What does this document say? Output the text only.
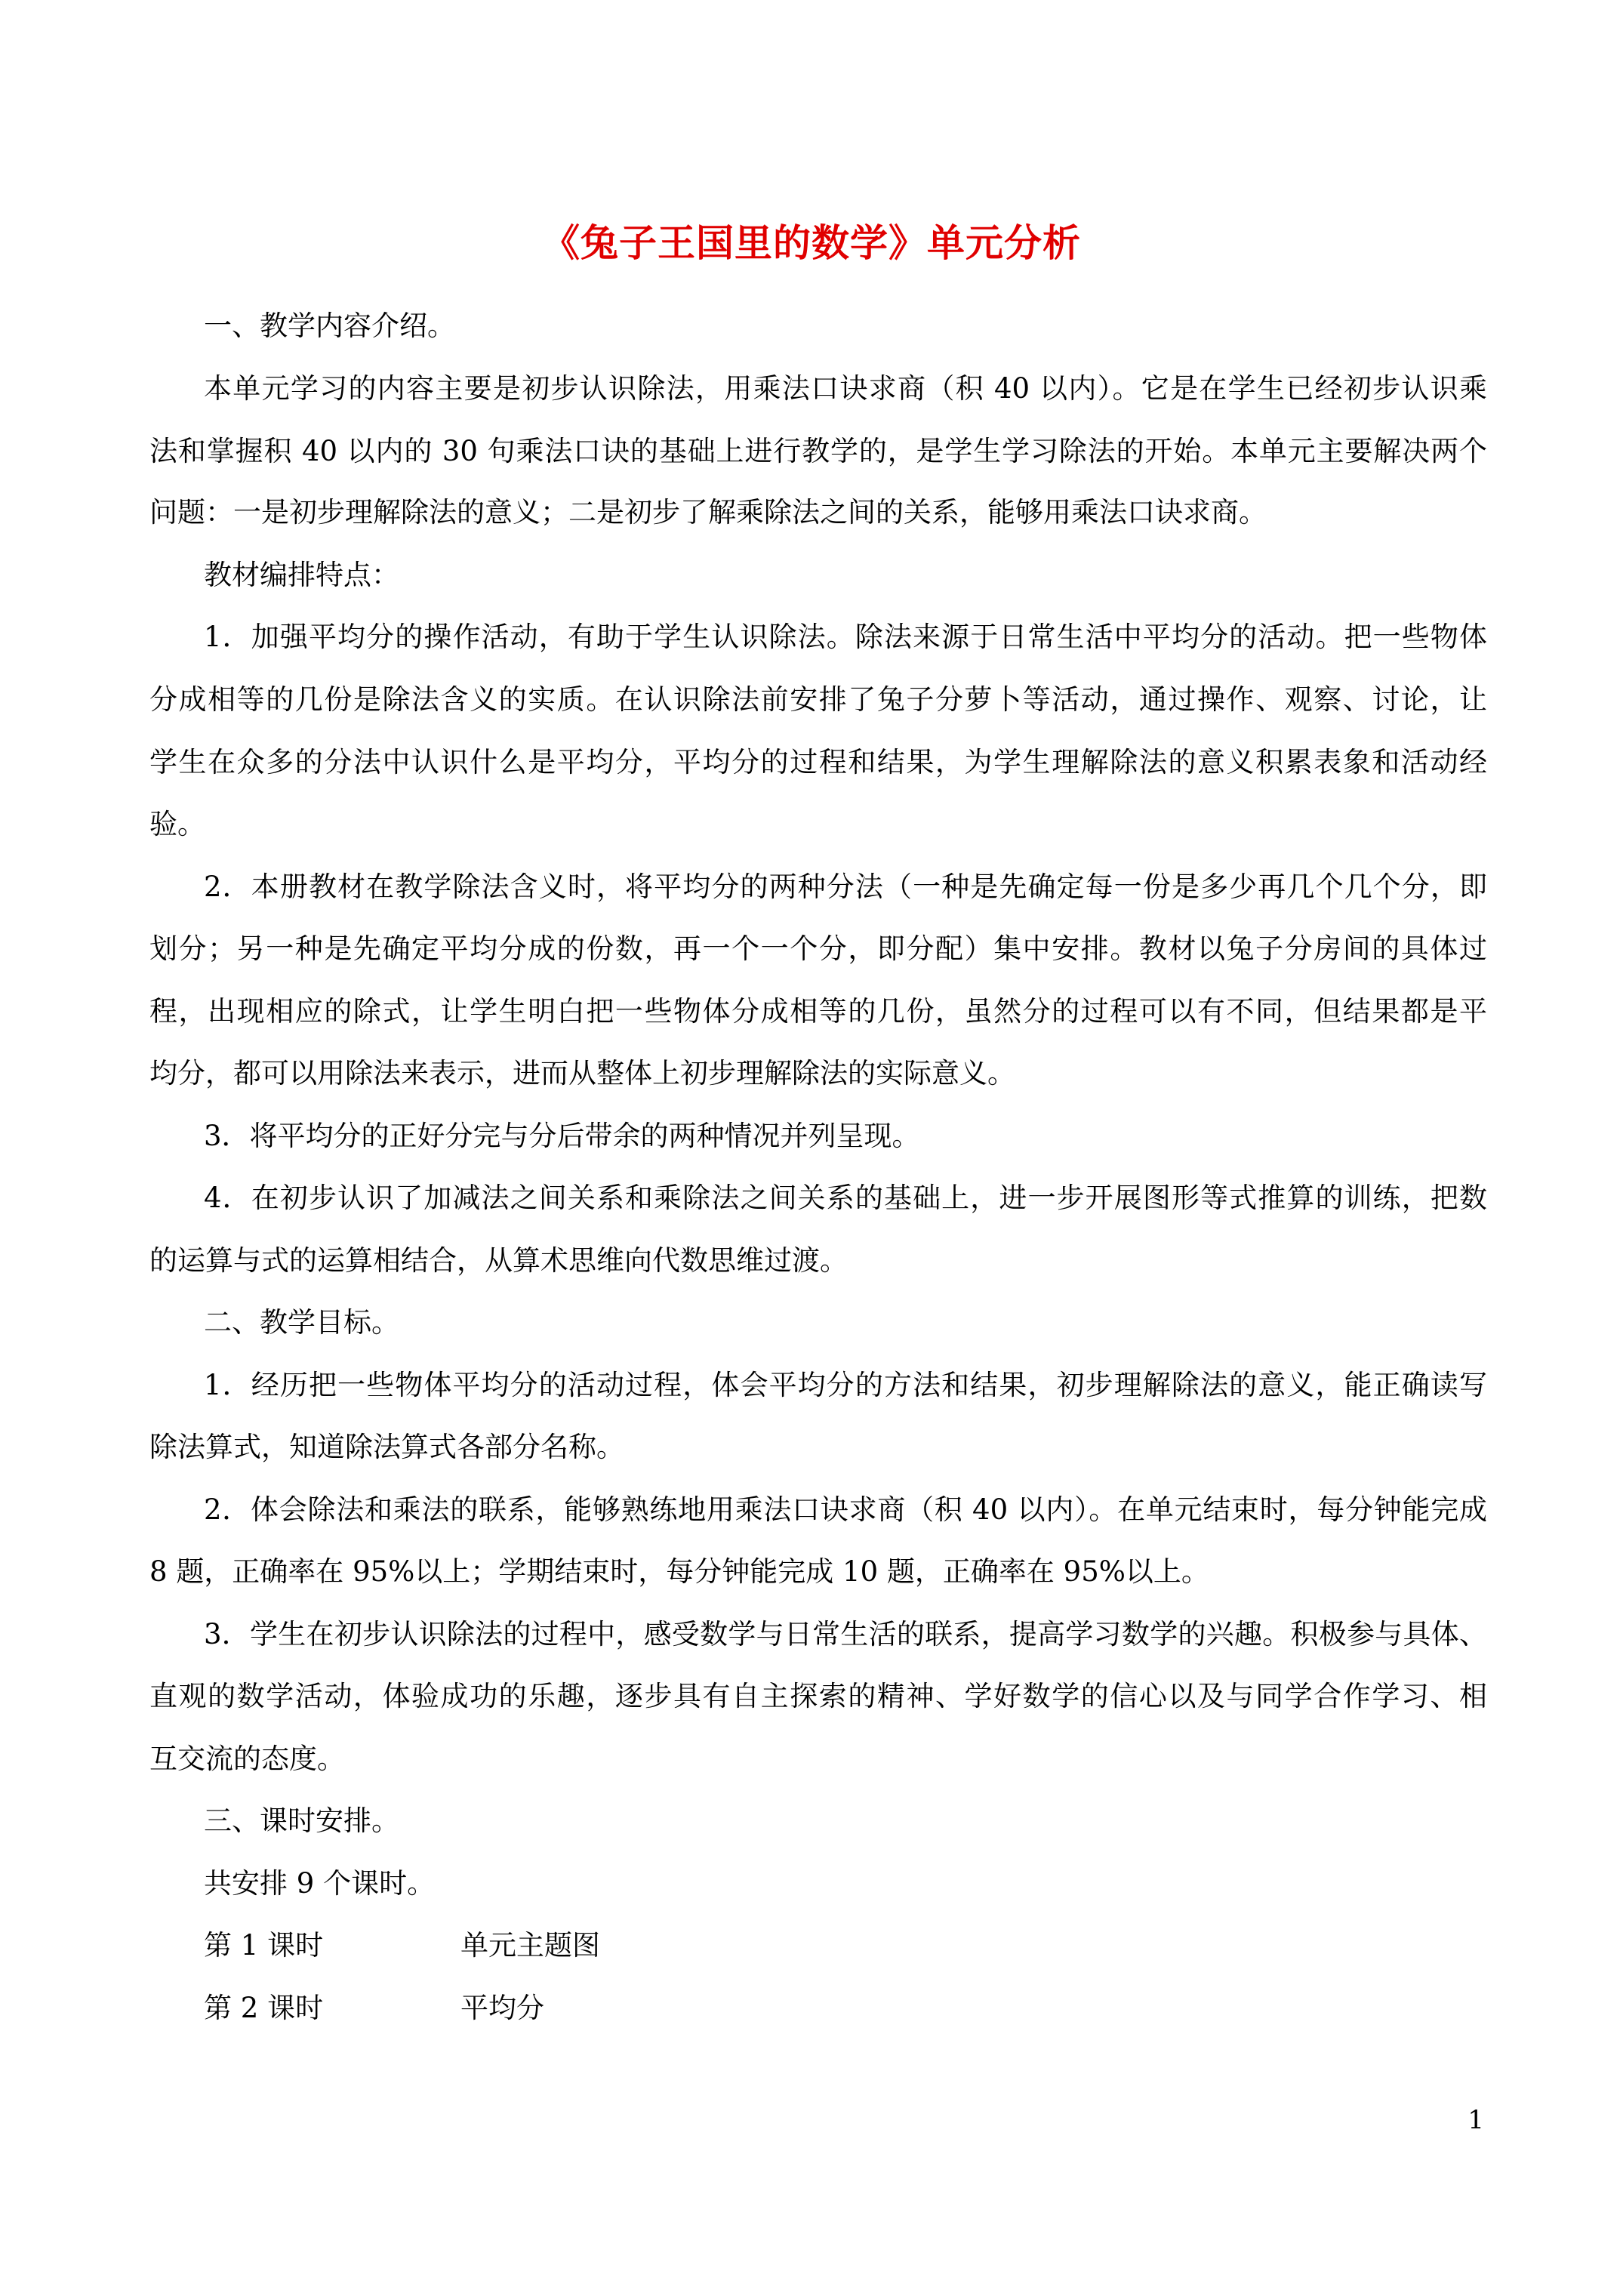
《兔子王国里的数学》单元分析
一、教学内容介绍。
本单元学习的内容主要是初步认识除法，用乘法口诀求商（积 40 以内）。它是在学生已经初步认识乘
法和掌握积 40 以内的 30 句乘法口诀的基础上进行教学的，是学生学习除法的开始。本单元主要解决两个
问题：一是初步理解除法的意义；二是初步了解乘除法之间的关系，能够用乘法口诀求商。
教材编排特点：
1．加强平均分的操作活动，有助于学生认识除法。除法来源于日常生活中平均分的活动。把一些物体
分成相等的几份是除法含义的实质。在认识除法前安排了兔子分萝卜等活动，通过操作、观察、讨论，让
学生在众多的分法中认识什么是平均分，平均分的过程和结果，为学生理解除法的意义积累表象和活动经
验。
2．本册教材在教学除法含义时，将平均分的两种分法（一种是先确定每一份是多少再几个几个分，即
划分；另一种是先确定平均分成的份数，再一个一个分，即分配）集中安排。教材以兔子分房间的具体过
程，出现相应的除式，让学生明白把一些物体分成相等的几份，虽然分的过程可以有不同，但结果都是平
均分，都可以用除法来表示，进而从整体上初步理解除法的实际意义。
3．将平均分的正好分完与分后带余的两种情况并列呈现。
4．在初步认识了加减法之间关系和乘除法之间关系的基础上，进一步开展图形等式推算的训练，把数
的运算与式的运算相结合，从算术思维向代数思维过渡。
二、教学目标。
1．经历把一些物体平均分的活动过程，体会平均分的方法和结果，初步理解除法的意义，能正确读写
除法算式，知道除法算式各部分名称。
2．体会除法和乘法的联系，能够熟练地用乘法口诀求商（积 40 以内）。在单元结束时，每分钟能完成
8 题，正确率在 95%以上；学期结束时，每分钟能完成 10 题，正确率在 95%以上。
3．学生在初步认识除法的过程中，感受数学与日常生活的联系，提高学习数学的兴趣。积极参与具体、
直观的数学活动，体验成功的乐趣，逐步具有自主探索的精神、学好数学的信心以及与同学合作学习、相
互交流的态度。
三、课时安排。
共安排 9 个课时。
第 1 课时	单元主题图
第 2 课时	平均分
1
